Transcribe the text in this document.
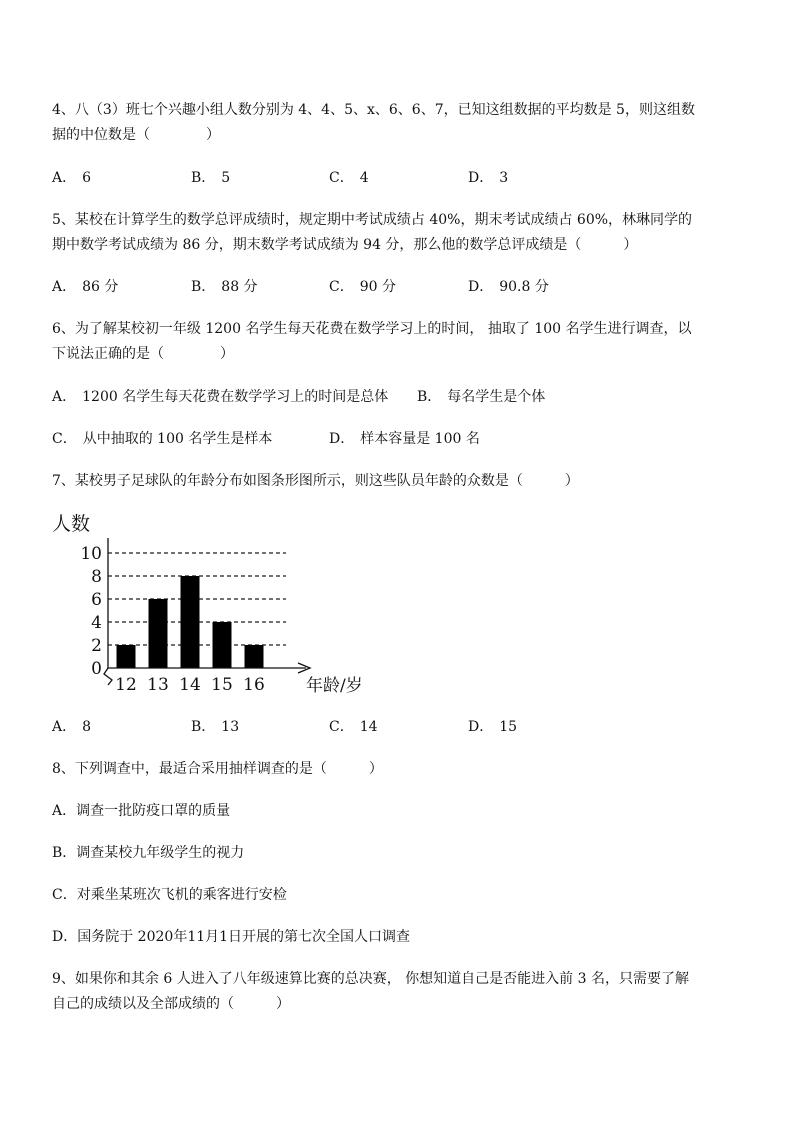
4、八（3）班七个兴趣小组人数分别为 4、4、5、x、6、6、7，已知这组数据的平均数是 5，则这组数
据的中位数是（　　　　）
A． 6	B． 5	C． 4	D． 3
5、某校在计算学生的数学总评成绩时，规定期中考试成绩占 40%，期末考试成绩占 60%，林琳同学的
期中数学考试成绩为 86 分，期末数学考试成绩为 94 分，那么他的数学总评成绩是（　　　）
A． 86 分	B． 88 分	C． 90 分	D． 90.8 分
6、为了解某校初一年级 1200 名学生每天花费在数学学习上的时间， 抽取了 100 名学生进行调查，以
下说法正确的是（　　　　）
A． 1200 名学生每天花费在数学学习上的时间是总体 B． 每名学生是个体
C． 从中抽取的 100 名学生是样本	D． 样本容量是 100 名
7、某校男子足球队的年龄分布如图条形图所示，则这些队员年龄的众数是（　　　）
人数
年龄/岁
0
2
4
6
8
10
12 13 14 15 16
A． 8	B． 13	C． 14	D． 15
8、下列调查中，最适合采用抽样调查的是（　　　）
A．调查一批防疫口罩的质量
B．调查某校九年级学生的视力
C．对乘坐某班次飞机的乘客进行安检
D．国务院于 2020年11月1日开展的第七次全国人口调查
9、如果你和其余 6 人进入了八年级速算比赛的总决赛， 你想知道自己是否能进入前 3 名，只需要了解
自己的成绩以及全部成绩的（　　　）
